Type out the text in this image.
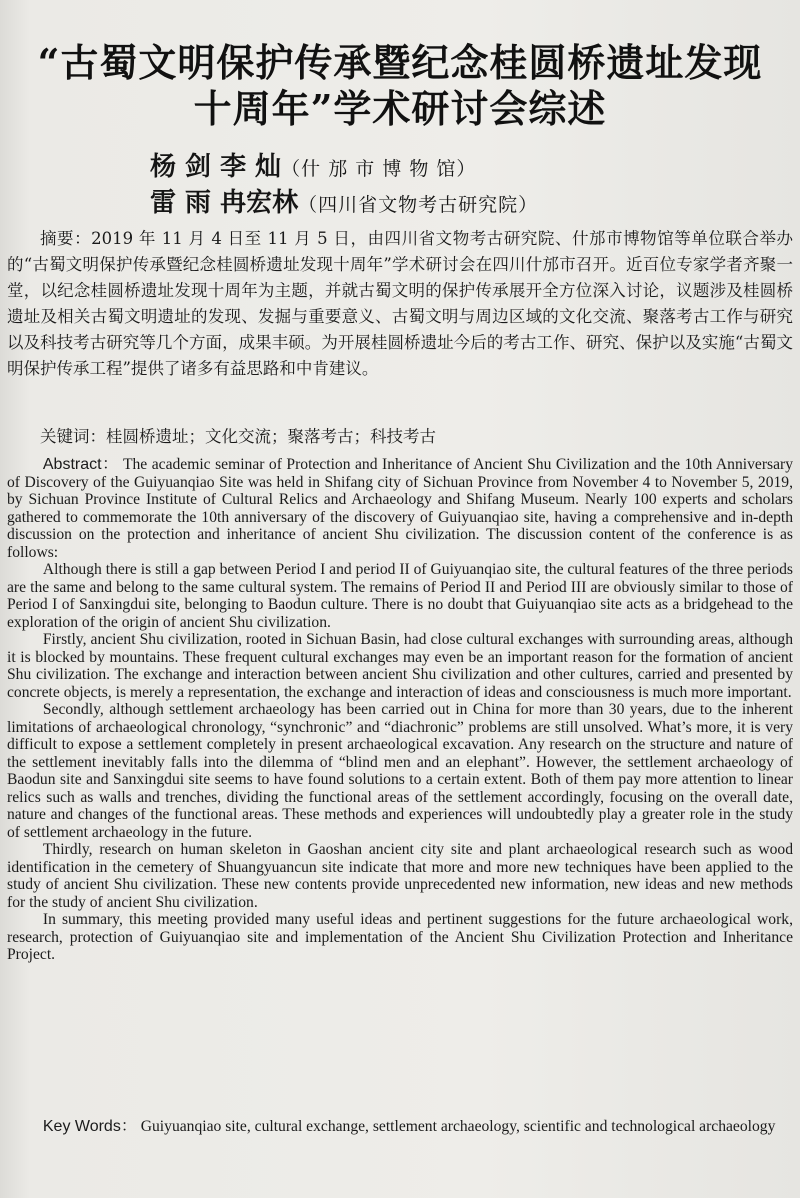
“古蜀文明保护传承暨纪念桂圆桥遗址发现
十周年”学术研讨会综述
杨 剑 李 灿（什 邡 市 博 物 馆）
雷 雨 冉宏林（四川省文物考古研究院）
摘要：2019 年 11 月 4 日至 11 月 5 日，由四川省文物考古研究院、什邡市博物馆等单位联合举办的“古蜀文明保护传承暨纪念桂圆桥遗址发现十周年”学术研讨会在四川什邡市召开。近百位专家学者齐聚一堂，以纪念桂圆桥遗址发现十周年为主题，并就古蜀文明的保护传承展开全方位深入讨论，议题涉及桂圆桥遗址及相关古蜀文明遗址的发现、发掘与重要意义、古蜀文明与周边区域的文化交流、聚落考古工作与研究以及科技考古研究等几个方面，成果丰硕。为开展桂圆桥遗址今后的考古工作、研究、保护以及实施“古蜀文明保护传承工程”提供了诸多有益思路和中肯建议。
关键词：桂圆桥遗址；文化交流；聚落考古；科技考古

Abstract： The academic seminar of Protection and Inheritance of Ancient Shu Civilization and the 10th Anniversary of Discovery of the Guiyuanqiao Site was held in Shifang city of Sichuan Province from November 4 to November 5, 2019, by Sichuan Province Institute of Cultural Relics and Archaeology and Shifang Museum. Nearly 100 experts and scholars gathered to commemorate the 10th anniversary of the discovery of Guiyuanqiao site, having a comprehensive and in-depth discussion on the protection and inheritance of ancient Shu civilization. The discussion content of the conference is as follows:

Although there is still a gap between Period I and period II of Guiyuanqiao site, the cultural features of the three periods are the same and belong to the same cultural system. The remains of Period II and Period III are obviously similar to those of Period I of Sanxingdui site, belonging to Baodun culture. There is no doubt that Guiyuanqiao site acts as a bridgehead to the exploration of the origin of ancient Shu civilization.

Firstly, ancient Shu civilization, rooted in Sichuan Basin, had close cultural exchanges with surrounding areas, although it is blocked by mountains. These frequent cultural exchanges may even be an important reason for the formation of ancient Shu civilization. The exchange and interaction between ancient Shu civilization and other cultures, carried and presented by concrete objects, is merely a representation, the exchange and interaction of ideas and consciousness is much more important.

Secondly, although settlement archaeology has been carried out in China for more than 30 years, due to the inherent limitations of archaeological chronology, “synchronic” and “diachronic” problems are still unsolved. What’s more, it is very difficult to expose a settlement completely in present archaeological excavation. Any research on the structure and nature of the settlement inevitably falls into the dilemma of “blind men and an elephant”. However, the settlement archaeology of Baodun site and Sanxingdui site seems to have found solutions to a certain extent. Both of them pay more attention to linear relics such as walls and trenches, dividing the functional areas of the settlement accordingly, focusing on the overall date, nature and changes of the functional areas. These methods and experiences will undoubtedly play a greater role in the study of settlement archaeology in the future.

Thirdly, research on human skeleton in Gaoshan ancient city site and plant archaeological research such as wood identification in the cemetery of Shuangyuancun site indicate that more and more new techniques have been applied to the study of ancient Shu civilization. These new contents provide unprecedented new information, new ideas and new methods for the study of ancient Shu civilization.

In summary, this meeting provided many useful ideas and pertinent suggestions for the future archaeological work, research, protection of Guiyuanqiao site and implementation of the Ancient Shu Civilization Protection and Inheritance Project.

Key Words： Guiyuanqiao site, cultural exchange, settlement archaeology, scientific and technological archaeology
